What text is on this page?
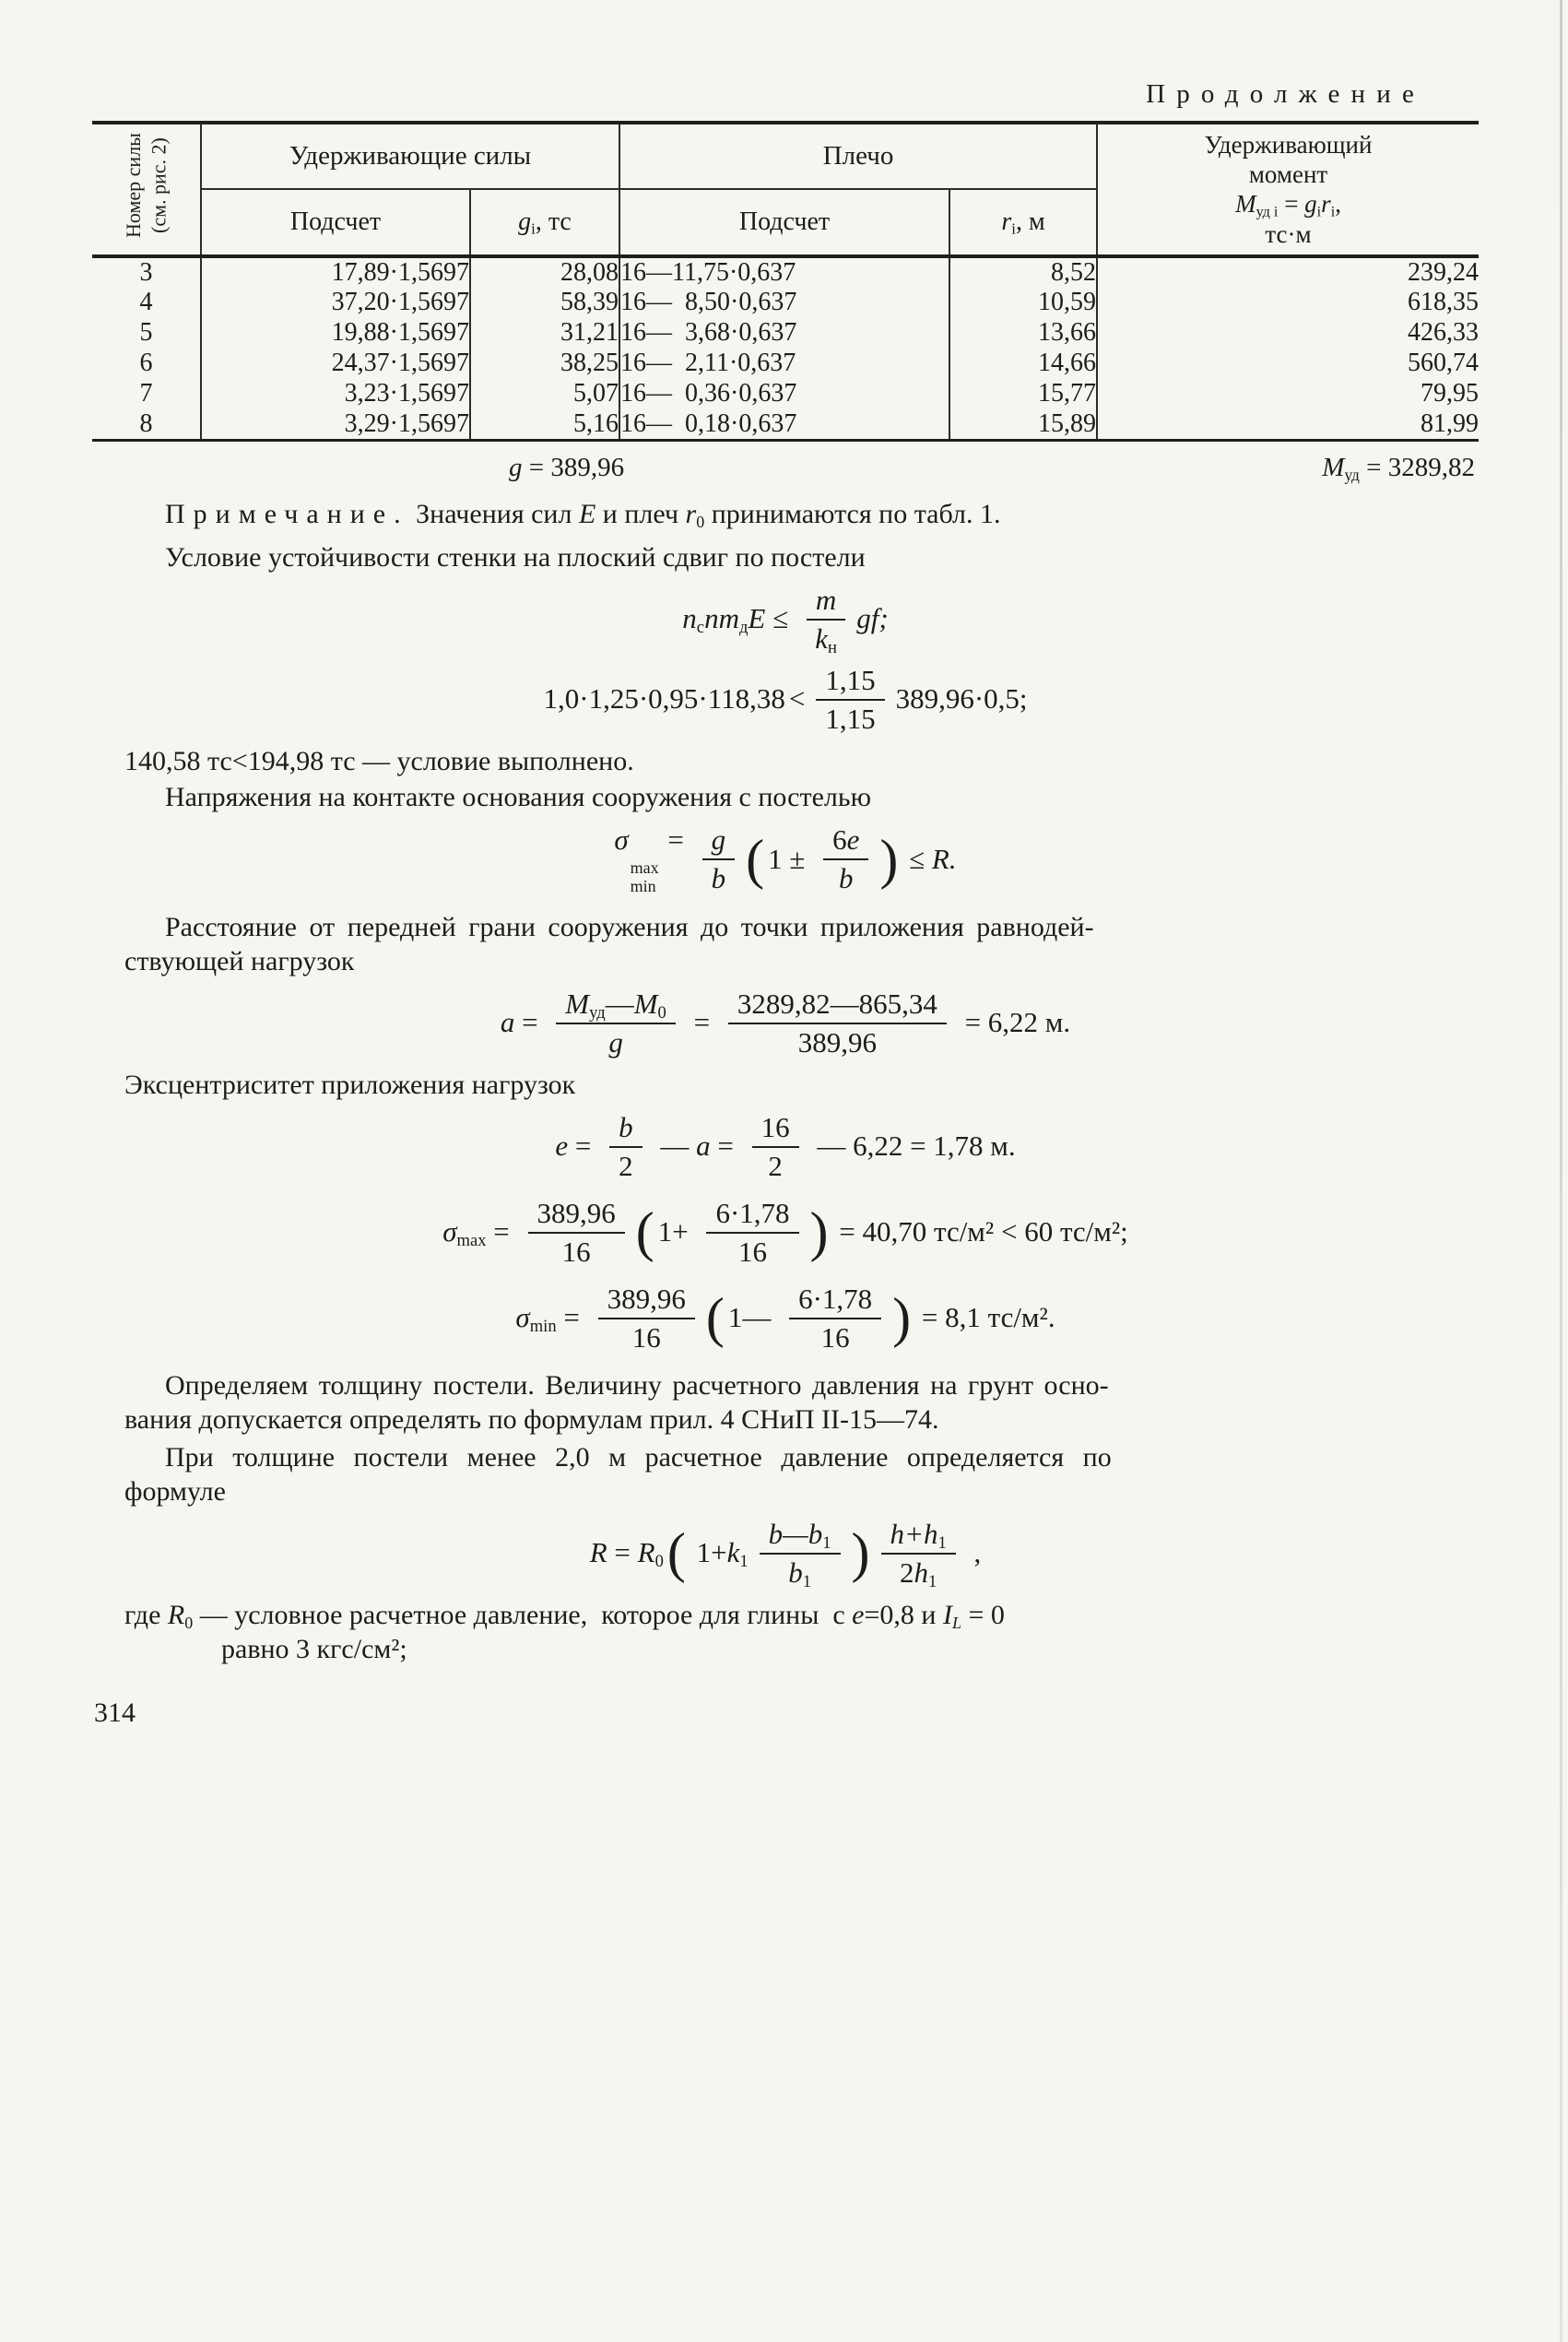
Продолжение
Номер силы (см. рис. 2)	Удерживающие силы		Плечо		Удерживающий
момент
$М_{уд i} = g_ir_i$,
тс·м

	Подсчет	$g_i$, тс	Подсчет	$r_i$, м	
3	17,89·1,5697	28,08	16—11,75·0,637	8,52	239,24
4	37,20·1,5697	58,39	16—  8,50·0,637	10,59	618,35
5	19,88·1,5697	31,21	16—  3,68·0,637	13,66	426,33
6	24,37·1,5697	38,25	16—  2,11·0,637	14,66	560,74
7	3,23·1,5697	5,07	16—  0,36·0,637	15,77	79,95
8	3,29·1,5697	5,16	16—  0,18·0,637	15,89	81,99
g = 389,96	$М_{уд} = 3289,82$

Примечание. Значения сил Е и плеч $r_0$ принимаются по табл. 1.

Условие устойчивости стенки на плоский сдвиг по постели

$n_сnm_дE \le \frac{m}{k_н}$ gf;
$1,0\cdot 1,25\cdot 0,95\cdot 118,38 < \frac{1,15}{1,15} 389,96\cdot 0,5$;

140,58 тс<194,98 тс — условие выполнено.

Напряжения на контакте основания сооружения с постелью

σ
max
min
= $\frac{g}{b}$ ( $1 \pm \frac{6e}{b}$ ) ≤ R.
Расстояние от передней грани сооружения до точки приложения равнодей-
ствующей нагрузок
$a = \frac{М_{уд}—М_0}{g} = \frac{3289,82—865,34}{389,96} = 6,22$ м.

Эксцентриситет приложения нагрузок

$e = \frac{b}{2}$ — $a = \frac{16}{2}$ — 6,22 = 1,78 м.
$\sigma_{max} = \frac{389,96}{16}$ ( $1+ \frac{6\cdot 1,78}{16}$ ) = 40,70 тс/м² < 60 тс/м²;
$\sigma_{min} = \frac{389,96}{16}$ ( 1— $\frac{6\cdot 1,78}{16}$ ) = 8,1 тс/м².
Определяем толщину постели. Величину расчетного давления на грунт осно-
вания допускается определять по формулам прил. 4 СНиП II-15—74.
При толщине постели менее 2,0 м расчетное давление определяется по
формуле
$R = R_0$ ( $1+k_1 \frac{b—b_1}{b_1}$ ) $\frac{h+h_1}{2h_1}$ ,
где $R_0$ — условное расчетное давление,  которое для глины  с e=0,8 и $I_L = 0$
равно 3 кгс/см²;
314
